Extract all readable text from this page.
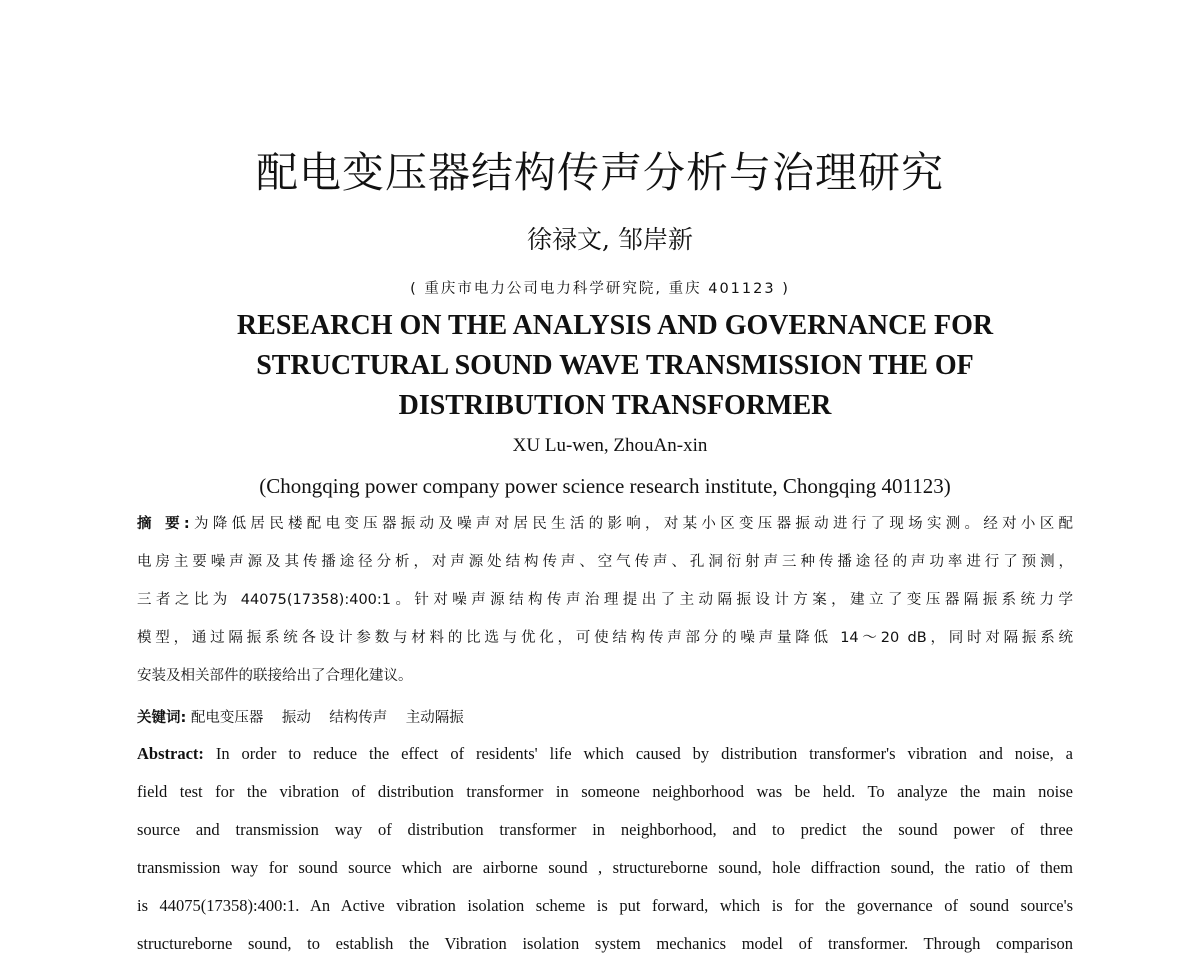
配电变压器结构传声分析与治理研究
徐禄文, 邹岸新
( 重庆市电力公司电力科学研究院, 重庆 401123 )
RESEARCH ON THE ANALYSIS AND GOVERNANCE FOR
STRUCTURAL SOUND WAVE TRANSMISSION THE OF
DISTRIBUTION TRANSFORMER
XU Lu-wen, ZhouAn-xin
(Chongqing power company power science research institute, Chongqing 401123)
摘 要:为降低居民楼配电变压器振动及噪声对居民生活的影响，对某小区变压器振动进行了现场实测。经对小区配
电房主要噪声源及其传播途径分析，对声源处结构传声、空气传声、孔洞衍射声三种传播途径的声功率进行了预测，
三者之比为 44075(17358):400:1。针对噪声源结构传声治理提出了主动隔振设计方案，建立了变压器隔振系统力学
模型，通过隔振系统各设计参数与材料的比选与优化，可使结构传声部分的噪声量降低 14～20 dB，同时对隔振系统
安装及相关部件的联接给出了合理化建议。
关键词: 配电变压器 振动 结构传声 主动隔振
Abstract: In order to reduce the effect of residents' life which caused by distribution transformer's vibration and noise, a
field test for the vibration of distribution transformer in someone neighborhood was be held. To analyze the main noise
source and transmission way of distribution transformer in neighborhood, and to predict the sound power of three
transmission way for sound source which are airborne sound , structureborne sound, hole diffraction sound, the ratio of them
is 44075(17358):400:1. An Active vibration isolation scheme is put forward, which is for the governance of sound source's
structureborne sound, to establish the Vibration isolation system mechanics model of transformer. Through comparison
